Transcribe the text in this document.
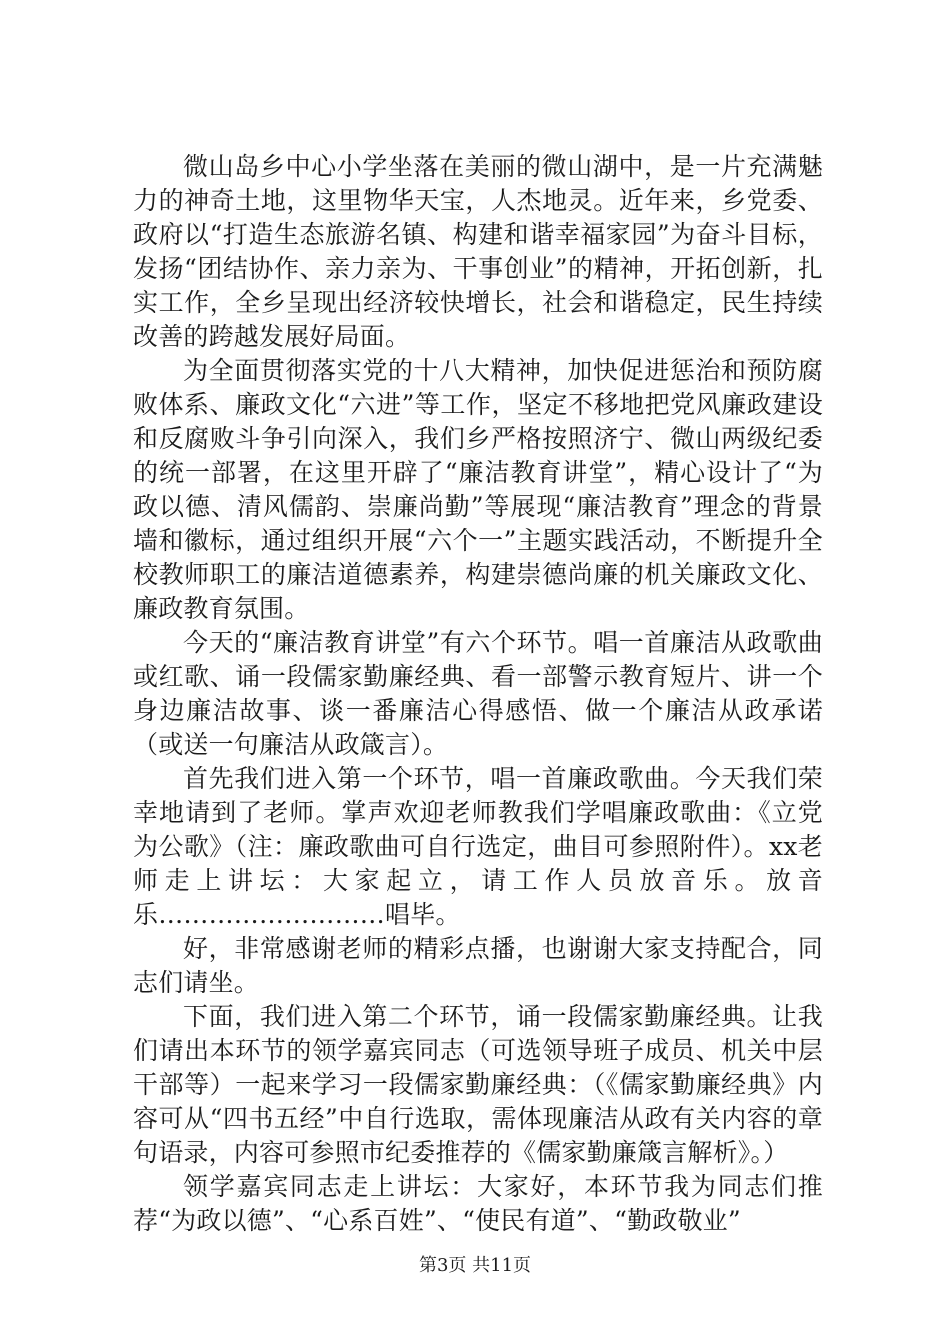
微山岛乡中心小学坐落在美丽的微山湖中，是一片充满魅力的神奇土地，这里物华天宝，人杰地灵。近年来，乡党委、政府以“打造生态旅游名镇、构建和谐幸福家园”为奋斗目标，发扬“团结协作、亲力亲为、干事创业”的精神，开拓创新，扎实工作，全乡呈现出经济较快增长，社会和谐稳定，民生持续改善的跨越发展好局面。

为全面贯彻落实党的十八大精神，加快促进惩治和预防腐败体系、廉政文化“六进”等工作，坚定不移地把党风廉政建设和反腐败斗争引向深入，我们乡严格按照济宁、微山两级纪委的统一部署，在这里开辟了“廉洁教育讲堂”，精心设计了“为政以德、清风儒韵、崇廉尚勤”等展现“廉洁教育”理念的背景墙和徽标，通过组织开展“六个一”主题实践活动，不断提升全校教师职工的廉洁道德素养，构建崇德尚廉的机关廉政文化、廉政教育氛围。

今天的“廉洁教育讲堂”有六个环节。唱一首廉洁从政歌曲或红歌、诵一段儒家勤廉经典、看一部警示教育短片、讲一个身边廉洁故事、谈一番廉洁心得感悟、做一个廉洁从政承诺（或送一句廉洁从政箴言）。

首先我们进入第一个环节，唱一首廉政歌曲。今天我们荣幸地请到了老师。掌声欢迎老师教我们学唱廉政歌曲：《立党为公歌》（注：廉政歌曲可自行选定，曲目可参照附件）。xx老师走上讲坛：大家起立，请工作人员放音乐。放音乐………………………唱毕。

好，非常感谢老师的精彩点播，也谢谢大家支持配合，同志们请坐。

下面，我们进入第二个环节，诵一段儒家勤廉经典。让我们请出本环节的领学嘉宾同志（可选领导班子成员、机关中层干部等）一起来学习一段儒家勤廉经典：（《儒家勤廉经典》内容可从“四书五经”中自行选取，需体现廉洁从政有关内容的章句语录，内容可参照市纪委推荐的《儒家勤廉箴言解析》。）

领学嘉宾同志走上讲坛：大家好，本环节我为同志们推荐“为政以德”、“心系百姓”、“使民有道”、“勤政敬业”

第3页 共11页
